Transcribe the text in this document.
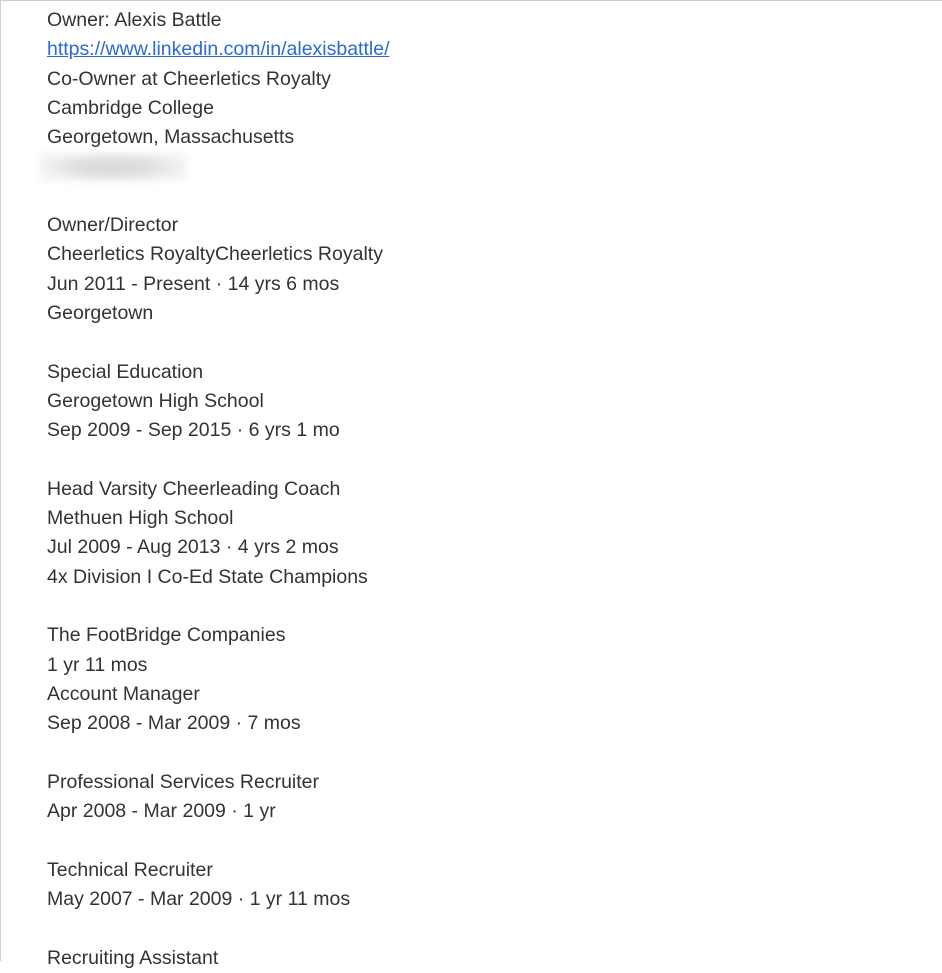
Owner: Alexis Battle
https://www.linkedin.com/in/alexisbattle/
Co-Owner at Cheerletics Royalty
Cambridge College
Georgetown, Massachusetts
Owner/Director
Cheerletics RoyaltyCheerletics Royalty
Jun 2011 - Present · 14 yrs 6 mos
Georgetown
Special Education
Gerogetown High School
Sep 2009 - Sep 2015 · 6 yrs 1 mo
Head Varsity Cheerleading Coach
Methuen High School
Jul 2009 - Aug 2013 · 4 yrs 2 mos
4x Division I Co-Ed State Champions
The FootBridge Companies
1 yr 11 mos
Account Manager
Sep 2008 - Mar 2009 · 7 mos
Professional Services Recruiter
Apr 2008 - Mar 2009 · 1 yr
Technical Recruiter
May 2007 - Mar 2009 · 1 yr 11 mos
Recruiting Assistant
